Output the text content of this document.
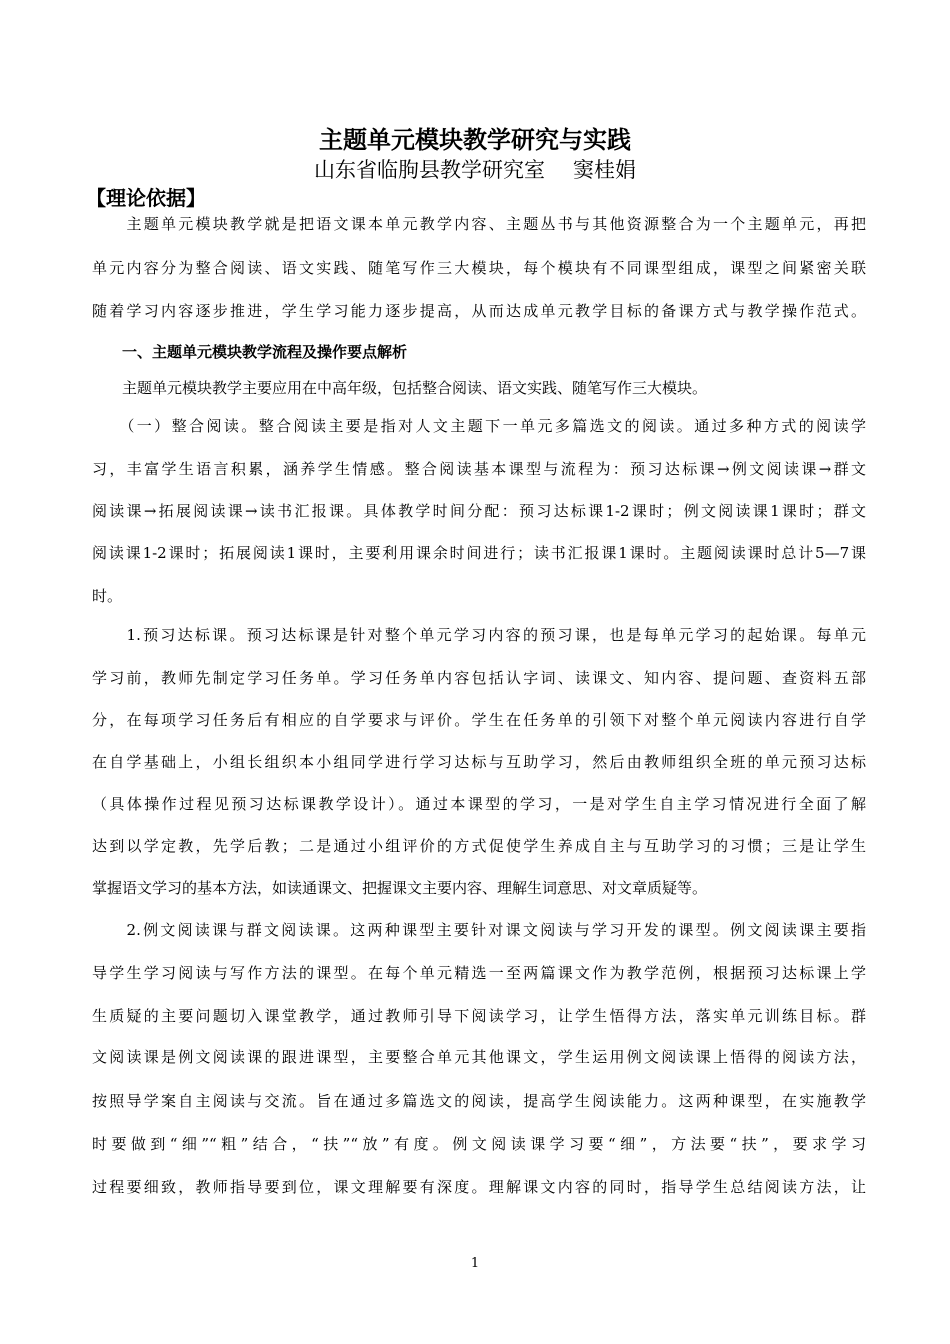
主题单元模块教学研究与实践
山东省临朐县教学研究室 窦桂娟
【理论依据】
　　主题单元模块教学就是把语文课本单元教学内容、主题丛书与其他资源整合为一个主题单元，再把
单元内容分为整合阅读、语文实践、随笔写作三大模块，每个模块有不同课型组成，课型之间紧密关联
随着学习内容逐步推进，学生学习能力逐步提高，从而达成单元教学目标的备课方式与教学操作范式。
　　一、主题单元模块教学流程及操作要点解析
　　主题单元模块教学主要应用在中高年级，包括整合阅读、语文实践、随笔写作三大模块。
　　（一）整合阅读。整合阅读主要是指对人文主题下一单元多篇选文的阅读。通过多种方式的阅读学
习，丰富学生语言积累，涵养学生情感。整合阅读基本课型与流程为：预习达标课→例文阅读课→群文
阅读课→拓展阅读课→读书汇报课。具体教学时间分配：预习达标课1-2课时；例文阅读课1课时；群文
阅读课1-2课时；拓展阅读1课时，主要利用课余时间进行；读书汇报课1课时。主题阅读课时总计5—7课
时。
　　1.预习达标课。预习达标课是针对整个单元学习内容的预习课，也是每单元学习的起始课。每单元
学习前，教师先制定学习任务单。学习任务单内容包括认字词、读课文、知内容、提问题、查资料五部
分，在每项学习任务后有相应的自学要求与评价。学生在任务单的引领下对整个单元阅读内容进行自学
在自学基础上，小组长组织本小组同学进行学习达标与互助学习，然后由教师组织全班的单元预习达标
（具体操作过程见预习达标课教学设计）。通过本课型的学习，一是对学生自主学习情况进行全面了解
达到以学定教，先学后教；二是通过小组评价的方式促使学生养成自主与互助学习的习惯；三是让学生
掌握语文学习的基本方法，如读通课文、把握课文主要内容、理解生词意思、对文章质疑等。
　　2.例文阅读课与群文阅读课。这两种课型主要针对课文阅读与学习开发的课型。例文阅读课主要指
导学生学习阅读与写作方法的课型。在每个单元精选一至两篇课文作为教学范例，根据预习达标课上学
生质疑的主要问题切入课堂教学，通过教师引导下阅读学习，让学生悟得方法，落实单元训练目标。群
文阅读课是例文阅读课的跟进课型，主要整合单元其他课文，学生运用例文阅读课上悟得的阅读方法，
按照导学案自主阅读与交流。旨在通过多篇选文的阅读，提高学生阅读能力。这两种课型，在实施教学
时要做到“细”“粗”结合，“扶”“放”有度。例文阅读课学习要“细”，方法要“扶”，要求学习
过程要细致，教师指导要到位，课文理解要有深度。理解课文内容的同时，指导学生总结阅读方法，让
1
